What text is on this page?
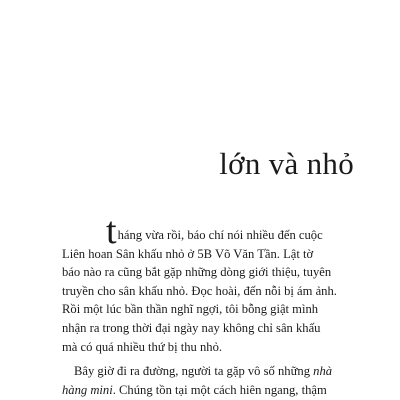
lớn và nhỏ

t háng vừa rồi, báo chí nói nhiều đến cuộc
Liên hoan Sân khấu nhỏ ở 5B Võ Văn Tần. Lật tờ
báo nào ra cũng bắt gặp những dòng giới thiệu, tuyên
truyền cho sân khấu nhỏ. Đọc hoài, đến nỗi bị ám ảnh.
Rồi một lúc bần thần nghĩ ngợi, tôi bỗng giật mình
nhận ra trong thời đại ngày nay không chỉ sân khấu
mà có quá nhiều thứ bị thu nhỏ.

Bây giờ đi ra đường, người ta gặp vô số những nhà
hàng mini. Chúng tồn tại một cách hiên ngang, thậm
